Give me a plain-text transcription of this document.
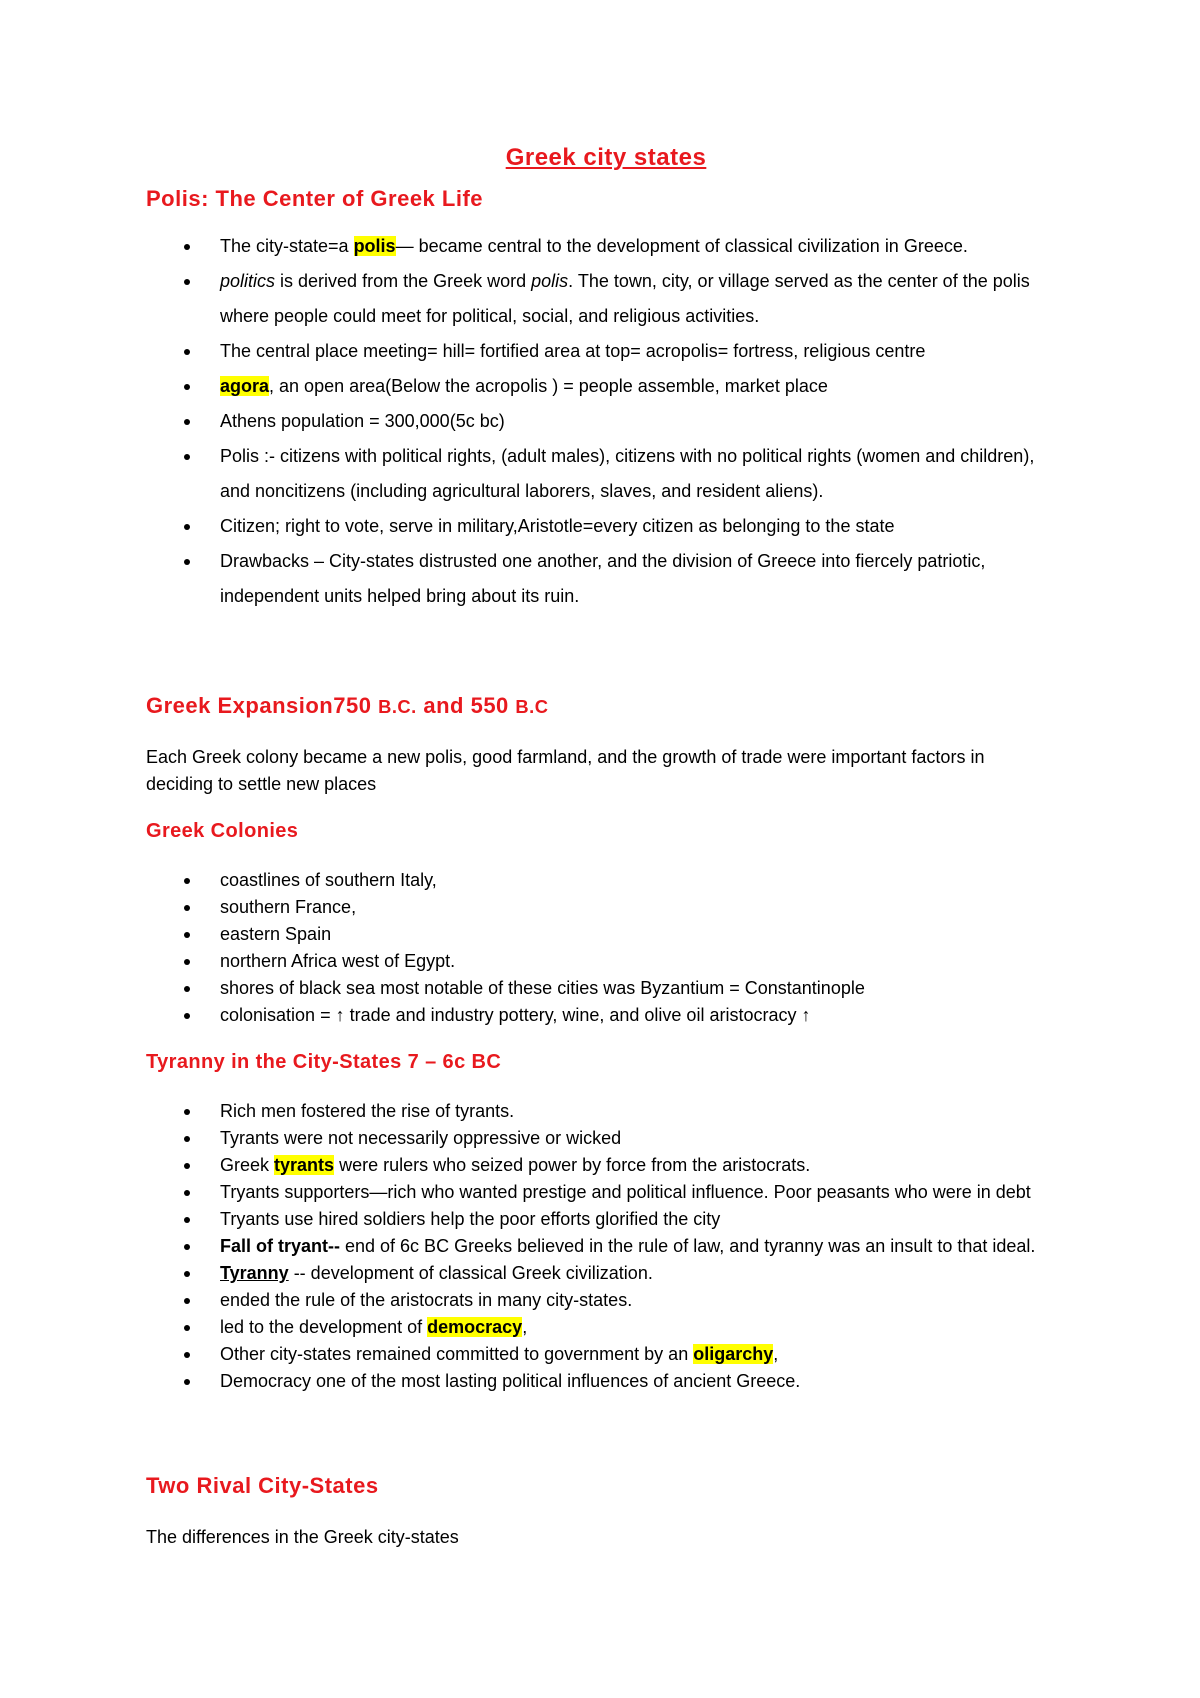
Greek city states
Polis: The Center of Greek Life
The city-state=a polis— became central to the development of classical civilization in Greece.
politics is derived from the Greek word polis. The town, city, or village served as the center of the polis where people could meet for political, social, and religious activities.
The central place meeting= hill= fortified area at top= acropolis= fortress, religious centre
agora, an open area(Below the acropolis ) = people assemble, market place
Athens population = 300,000(5c bc)
Polis :- citizens with political rights, (adult males), citizens with no political rights (women and children), and noncitizens (including agricultural laborers, slaves, and resident aliens).
Citizen; right to vote, serve in military,Aristotle=every citizen as belonging to the state
Drawbacks – City-states distrusted one another, and the division of Greece into fiercely patriotic, independent units helped bring about its ruin.
Greek Expansion750 B.C. and 550 B.C

Each Greek colony became a new polis, good farmland, and the growth of trade were important factors in deciding to settle new places

Greek Colonies
coastlines of southern Italy,
southern France,
eastern Spain
northern Africa west of Egypt.
shores of black sea most notable of these cities was Byzantium = Constantinople
colonisation = ↑ trade and industry pottery, wine, and olive oil aristocracy ↑
Tyranny in the City-States 7 – 6c BC
Rich men fostered the rise of tyrants.
Tyrants were not necessarily oppressive or wicked
Greek tyrants were rulers who seized power by force from the aristocrats.
Tryants supporters—rich who wanted prestige and political influence. Poor peasants who were in debt
Tryants use hired soldiers help the poor efforts glorified the city
Fall of tryant-- end of 6c BC Greeks believed in the rule of law, and tyranny was an insult to that ideal.
Tyranny -- development of classical Greek civilization.
ended the rule of the aristocrats in many city-states.
led to the development of democracy,
Other city-states remained committed to government by an oligarchy,
Democracy one of the most lasting political influences of ancient Greece.
Two Rival City-States

The differences in the Greek city-states
